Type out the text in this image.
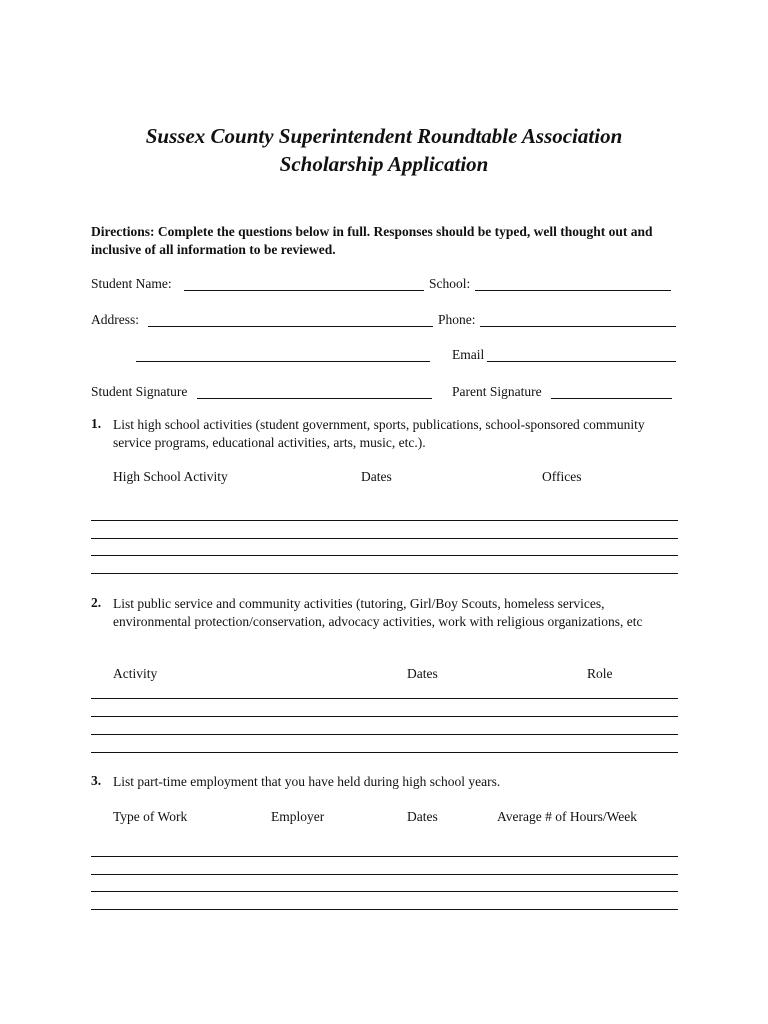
Sussex County Superintendent Roundtable Association
Scholarship Application
Directions: Complete the questions below in full. Responses should be typed, well thought out and inclusive of all information to be reviewed.
Student Name:	School:
Address:	Phone:
Email
Student Signature	Parent Signature
1. List high school activities (student government, sports, publications, school-sponsored community service programs, educational activities, arts, music, etc.).
High School Activity	Dates	Offices
2. List public service and community activities (tutoring, Girl/Boy Scouts, homeless services, environmental protection/conservation, advocacy activities, work with religious organizations, etc
Activity	Dates	Role
3. List part-time employment that you have held during high school years.
Type of Work	Employer	Dates	Average # of Hours/Week
